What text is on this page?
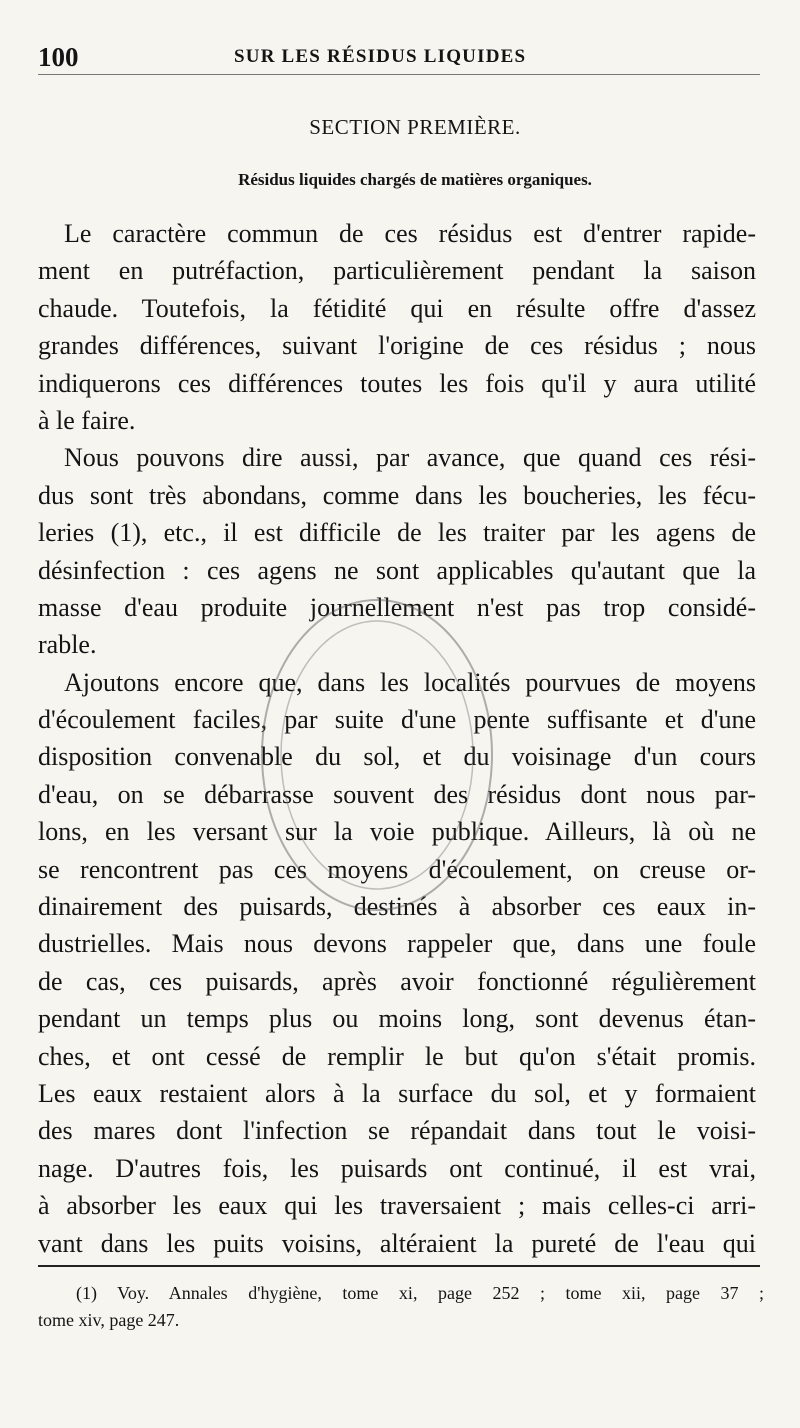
100	SUR LES RÉSIDUS LIQUIDES
SECTION PREMIÈRE.
Résidus liquides chargés de matières organiques.
Le caractère commun de ces résidus est d'entrer rapide-
ment en putréfaction, particulièrement pendant la saison
chaude. Toutefois, la fétidité qui en résulte offre d'assez
grandes différences, suivant l'origine de ces résidus ; nous
indiquerons ces différences toutes les fois qu'il y aura utilité
à le faire.
Nous pouvons dire aussi, par avance, que quand ces rési-
dus sont très abondans, comme dans les boucheries, les fécu-
leries (1), etc., il est difficile de les traiter par les agens de
désinfection : ces agens ne sont applicables qu'autant que la
masse d'eau produite journellement n'est pas trop considé-
rable.
Ajoutons encore que, dans les localités pourvues de moyens
d'écoulement faciles, par suite d'une pente suffisante et d'une
disposition convenable du sol, et du voisinage d'un cours
d'eau, on se débarrasse souvent des résidus dont nous par-
lons, en les versant sur la voie publique. Ailleurs, là où ne
se rencontrent pas ces moyens d'écoulement, on creuse or-
dinairement des puisards, destinés à absorber ces eaux in-
dustrielles. Mais nous devons rappeler que, dans une foule
de cas, ces puisards, après avoir fonctionné régulièrement
pendant un temps plus ou moins long, sont devenus étan-
ches, et ont cessé de remplir le but qu'on s'était promis.
Les eaux restaient alors à la surface du sol, et y formaient
des mares dont l'infection se répandait dans tout le voisi-
nage. D'autres fois, les puisards ont continué, il est vrai,
à absorber les eaux qui les traversaient ; mais celles-ci arri-
vant dans les puits voisins, altéraient la pureté de l'eau qui
(1) Voy. Annales d'hygiène, tome xi, page 252 ; tome xii, page 37 ;
tome xiv, page 247.
